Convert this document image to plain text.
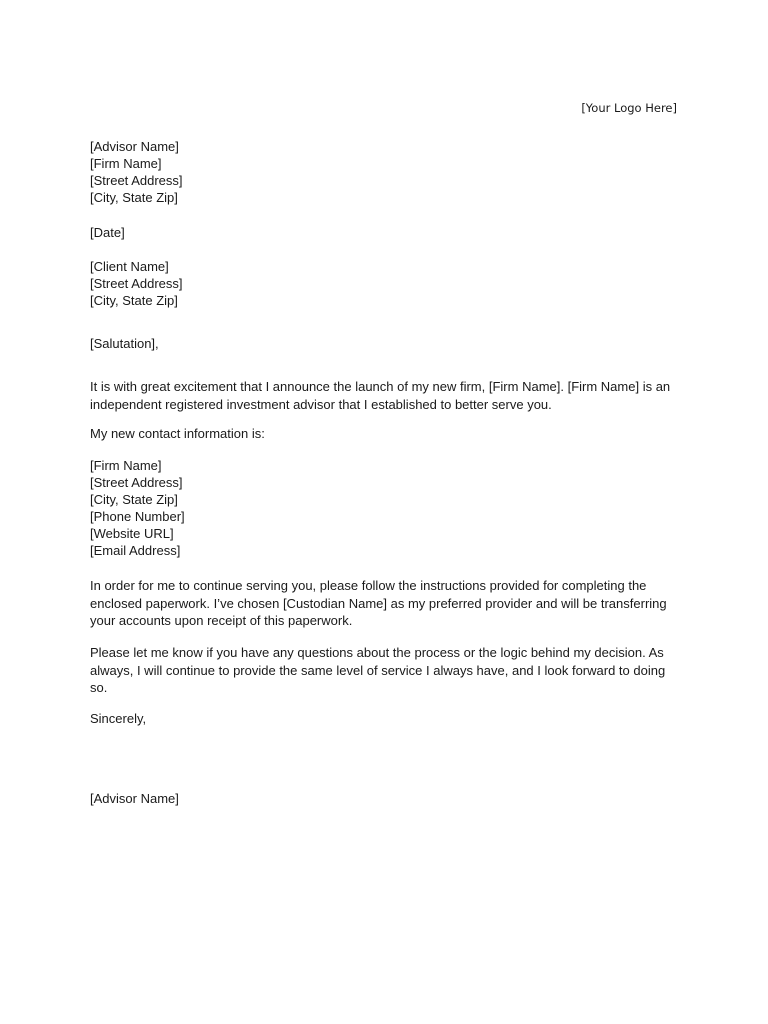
[Your Logo Here]
[Advisor Name]
[Firm Name]
[Street Address]
[City, State Zip]
[Date]
[Client Name]
[Street Address]
[City, State Zip]
[Salutation],
It is with great excitement that I announce the launch of my new firm, [Firm Name]. [Firm Name] is an independent registered investment advisor that I established to better serve you.
My new contact information is:
[Firm Name]
[Street Address]
[City, State Zip]
[Phone Number]
[Website URL]
[Email Address]
In order for me to continue serving you, please follow the instructions provided for completing the enclosed paperwork. I’ve chosen [Custodian Name] as my preferred provider and will be transferring your accounts upon receipt of this paperwork.
Please let me know if you have any questions about the process or the logic behind my decision. As always, I will continue to provide the same level of service I always have, and I look forward to doing so.
Sincerely,
[Advisor Name]
